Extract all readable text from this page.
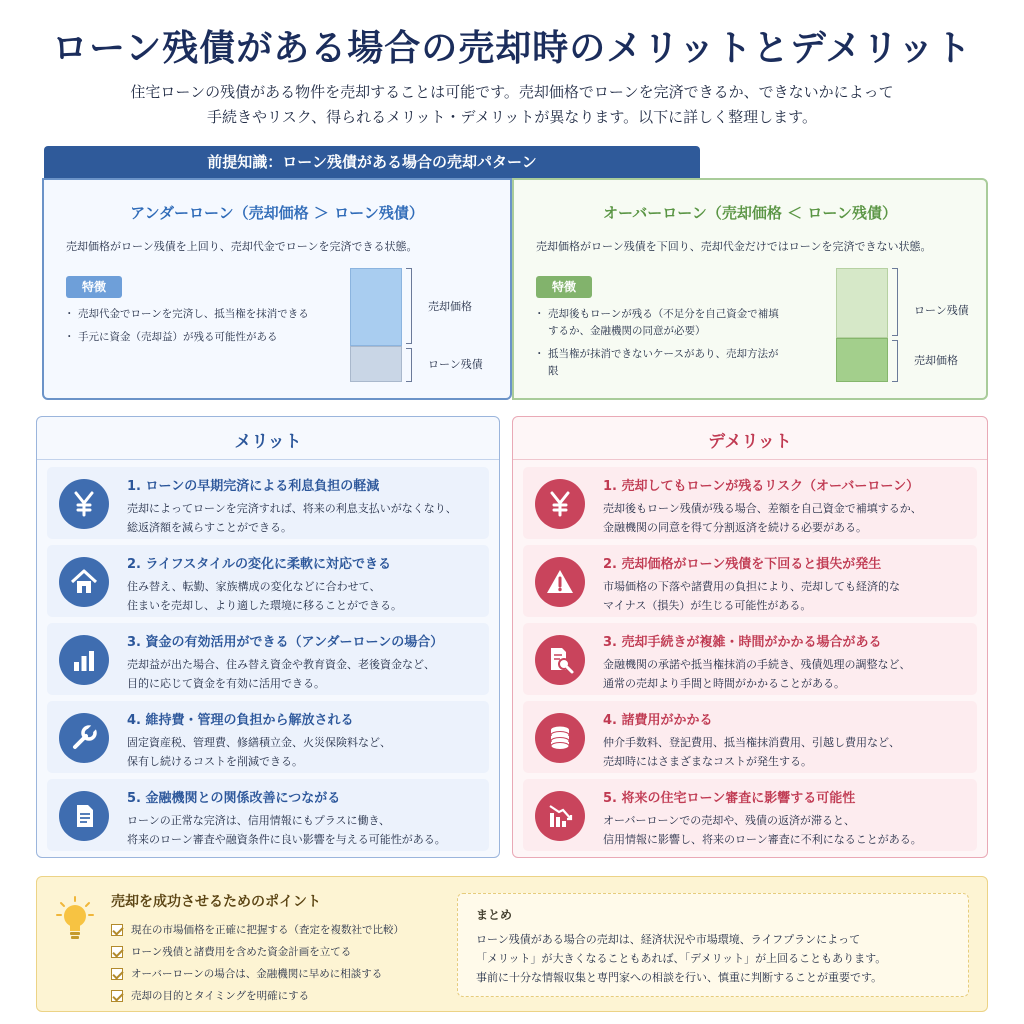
ローン残債がある場合の売却時のメリットとデメリット
住宅ローンの残債がある物件を売却することは可能です。売却価格でローンを完済できるか、できないかによって
手続きやリスク、得られるメリット・デメリットが異なります。以下に詳しく整理します。
アンダーローン（売却価格 ＞ ローン残債）
売却価格がローン残債を上回り、売却代金でローンを完済できる状態。
特徴
・ 売却代金でローンを完済し、抵当権を抹消できる
・ 手元に資金（売却益）が残る可能性がある
売却価格
ローン残債
オーバーローン（売却価格 ＜ ローン残債）
売却価格がローン残債を下回り、売却代金だけではローンを完済できない状態。
特徴
・ 売却後もローンが残る（不足分を自己資金で補填するか、金融機関の同意が必要）
・ 抵当権が抹消できないケースがあり、売却方法が限
ローン残債
売却価格
前提知識：ローン残債がある場合の売却パターン
メリット
1. ローンの早期完済による利息負担の軽減
売却によってローンを完済すれば、将来の利息支払いがなくなり、
総返済額を減らすことができる。
2. ライフスタイルの変化に柔軟に対応できる
住み替え、転勤、家族構成の変化などに合わせて、
住まいを売却し、より適した環境に移ることができる。
3. 資金の有効活用ができる（アンダーローンの場合）
売却益が出た場合、住み替え資金や教育資金、老後資金など、
目的に応じて資金を有効に活用できる。
4. 維持費・管理の負担から解放される
固定資産税、管理費、修繕積立金、火災保険料など、
保有し続けるコストを削減できる。
5. 金融機関との関係改善につながる
ローンの正常な完済は、信用情報にもプラスに働き、
将来のローン審査や融資条件に良い影響を与える可能性がある。
デメリット
1. 売却してもローンが残るリスク（オーバーローン）
売却後もローン残債が残る場合、差額を自己資金で補填するか、
金融機関の同意を得て分割返済を続ける必要がある。
2. 売却価格がローン残債を下回ると損失が発生
市場価格の下落や諸費用の負担により、売却しても経済的な
マイナス（損失）が生じる可能性がある。
3. 売却手続きが複雑・時間がかかる場合がある
金融機関の承諾や抵当権抹消の手続き、残債処理の調整など、
通常の売却より手間と時間がかかることがある。
4. 諸費用がかかる
仲介手数料、登記費用、抵当権抹消費用、引越し費用など、
売却時にはさまざまなコストが発生する。
5. 将来の住宅ローン審査に影響する可能性
オーバーローンでの売却や、残債の返済が滞ると、
信用情報に影響し、将来のローン審査に不利になることがある。
売却を成功させるためのポイント
現在の市場価格を正確に把握する（査定を複数社で比較）
ローン残債と諸費用を含めた資金計画を立てる
オーバーローンの場合は、金融機関に早めに相談する
売却の目的とタイミングを明確にする
まとめ
ローン残債がある場合の売却は、経済状況や市場環境、ライフプランによって
「メリット」が大きくなることもあれば、「デメリット」が上回ることもあります。
事前に十分な情報収集と専門家への相談を行い、慎重に判断することが重要です。
